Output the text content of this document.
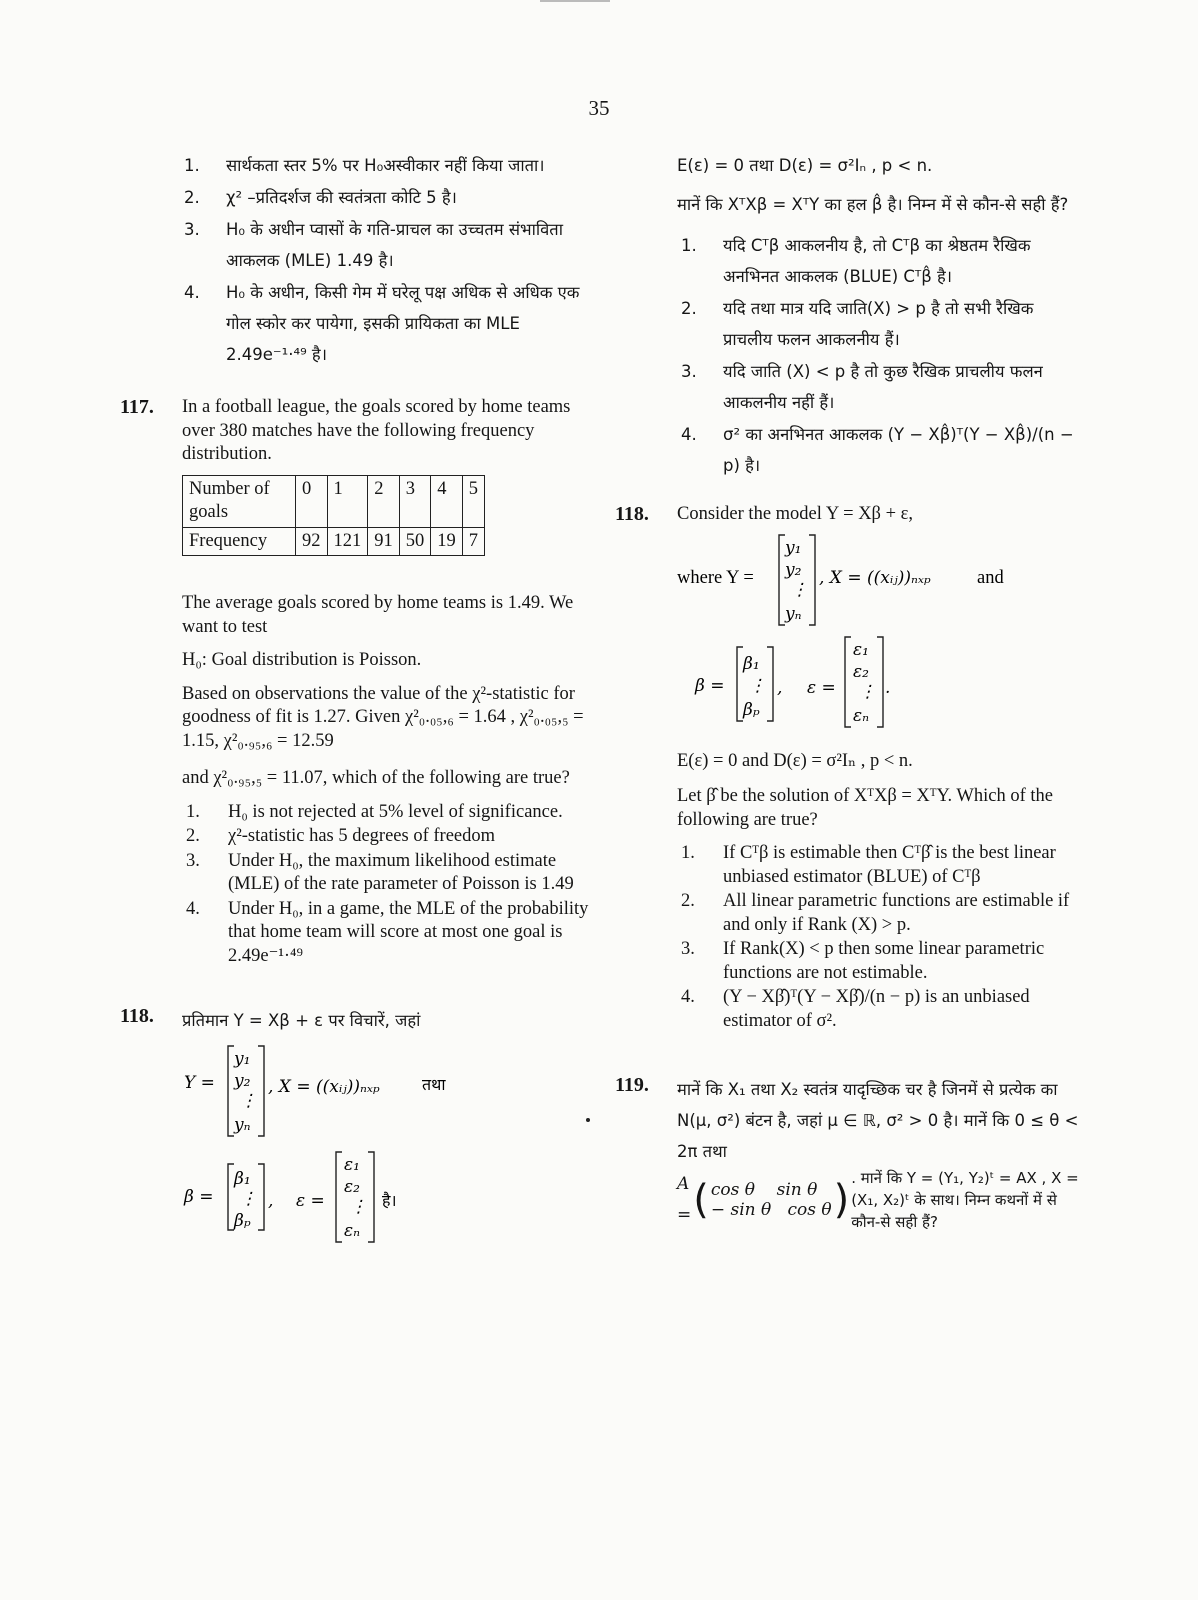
35
1.	सार्थकता स्तर 5% पर H₀अस्वीकार नहीं किया जाता।
2.	χ² –प्रतिदर्शज की स्वतंत्रता कोटि 5 है।
3.	H₀ के अधीन प्वासों के गति-प्राचल का उच्चतम संभाविता आकलक (MLE) 1.49 है।
4.	H₀ के अधीन, किसी गेम में घरेलू पक्ष अधिक से अधिक एक गोल स्कोर कर पायेगा, इसकी प्रायिकता का MLE 2.49e⁻¹·⁴⁹ है।
117.	In a football league, the goals scored by home teams over 380 matches have the following frequency distribution.

Number of goals	0	1	2	3	4	5
Frequency	92	121	91	50	19	7

The average goals scored by home teams is 1.49. We want to test

H₀: Goal distribution is Poisson.

Based on observations the value of the χ²-statistic for goodness of fit is 1.27. Given χ²₀.₀₅,₆ = 1.64 , χ²₀.₀₅,₅ = 1.15, χ²₀.₉₅,₆ = 12.59

and χ²₀.₉₅,₅ = 11.07, which of the following are true?

1.	H₀ is not rejected at 5% level of significance.
2.	χ²-statistic has 5 degrees of freedom
3.	Under H₀, the maximum likelihood estimate (MLE) of the rate parameter of Poisson is 1.49
4.	Under H₀, in a game, the MLE of the probability that home team will score at most one goal is 2.49e⁻¹·⁴⁹
118.	प्रतिमान Y = Xβ + ε पर विचारें, जहां

Y =
y₁
y₂
⋮
yₙ
, X = ((xᵢⱼ))ₙₓₚ	तथा
β =
β₁
⋮
βₚ
, ε =
ε₁
ε₂
⋮
εₙ
है।

E(ε) = 0 तथा D(ε) = σ²Iₙ , p < n.

मानें कि XᵀXβ = XᵀY का हल β̂ है। निम्न में से कौन-से सही हैं?

1.	यदि Cᵀβ आकलनीय है, तो Cᵀβ का श्रेष्ठतम रैखिक अनभिनत आकलक (BLUE) Cᵀβ̂ है।
2.	यदि तथा मात्र यदि जाति(X) > p है तो सभी रैखिक प्राचलीय फलन आकलनीय हैं।
3.	यदि जाति (X) < p है तो कुछ रैखिक प्राचलीय फलन आकलनीय नहीं हैं।
4.	σ² का अनभिनत आकलक (Y − Xβ̂)ᵀ(Y − Xβ̂)/(n − p) है।
118.	Consider the model Y = Xβ + ε,

where Y =
y₁
y₂
⋮
yₙ
, X = ((xᵢⱼ))ₙₓₚ	and
β =
β₁
⋮
βₚ
, ε =
ε₁
ε₂
⋮
εₙ
.

E(ε) = 0 and D(ε) = σ²Iₙ , p < n.

Let β̂ be the solution of XᵀXβ = XᵀY. Which of the following are true?

1.	If Cᵀβ is estimable then Cᵀβ̂ is the best linear unbiased estimator (BLUE) of Cᵀβ
2.	All linear parametric functions are estimable if and only if Rank (X) > p.
3.	If Rank(X) < p then some linear parametric functions are not estimable.
4.	(Y − Xβ̂)ᵀ(Y − Xβ̂)/(n − p) is an unbiased estimator of σ².
119.	मानें कि X₁ तथा X₂ स्वतंत्र यादृच्छिक चर है जिनमें से प्रत्येक का N(μ, σ²) बंटन है, जहां μ ∈ ℝ, σ² > 0 है। मानें कि 0 ≤ θ < 2π तथा

A = ( cos θ    sin θ
− sin θ   cos θ ) . मानें कि Y = (Y₁, Y₂)ᵗ = AX , X = (X₁, X₂)ᵗ के साथ। निम्न कथनों में से कौन-से सही हैं?
